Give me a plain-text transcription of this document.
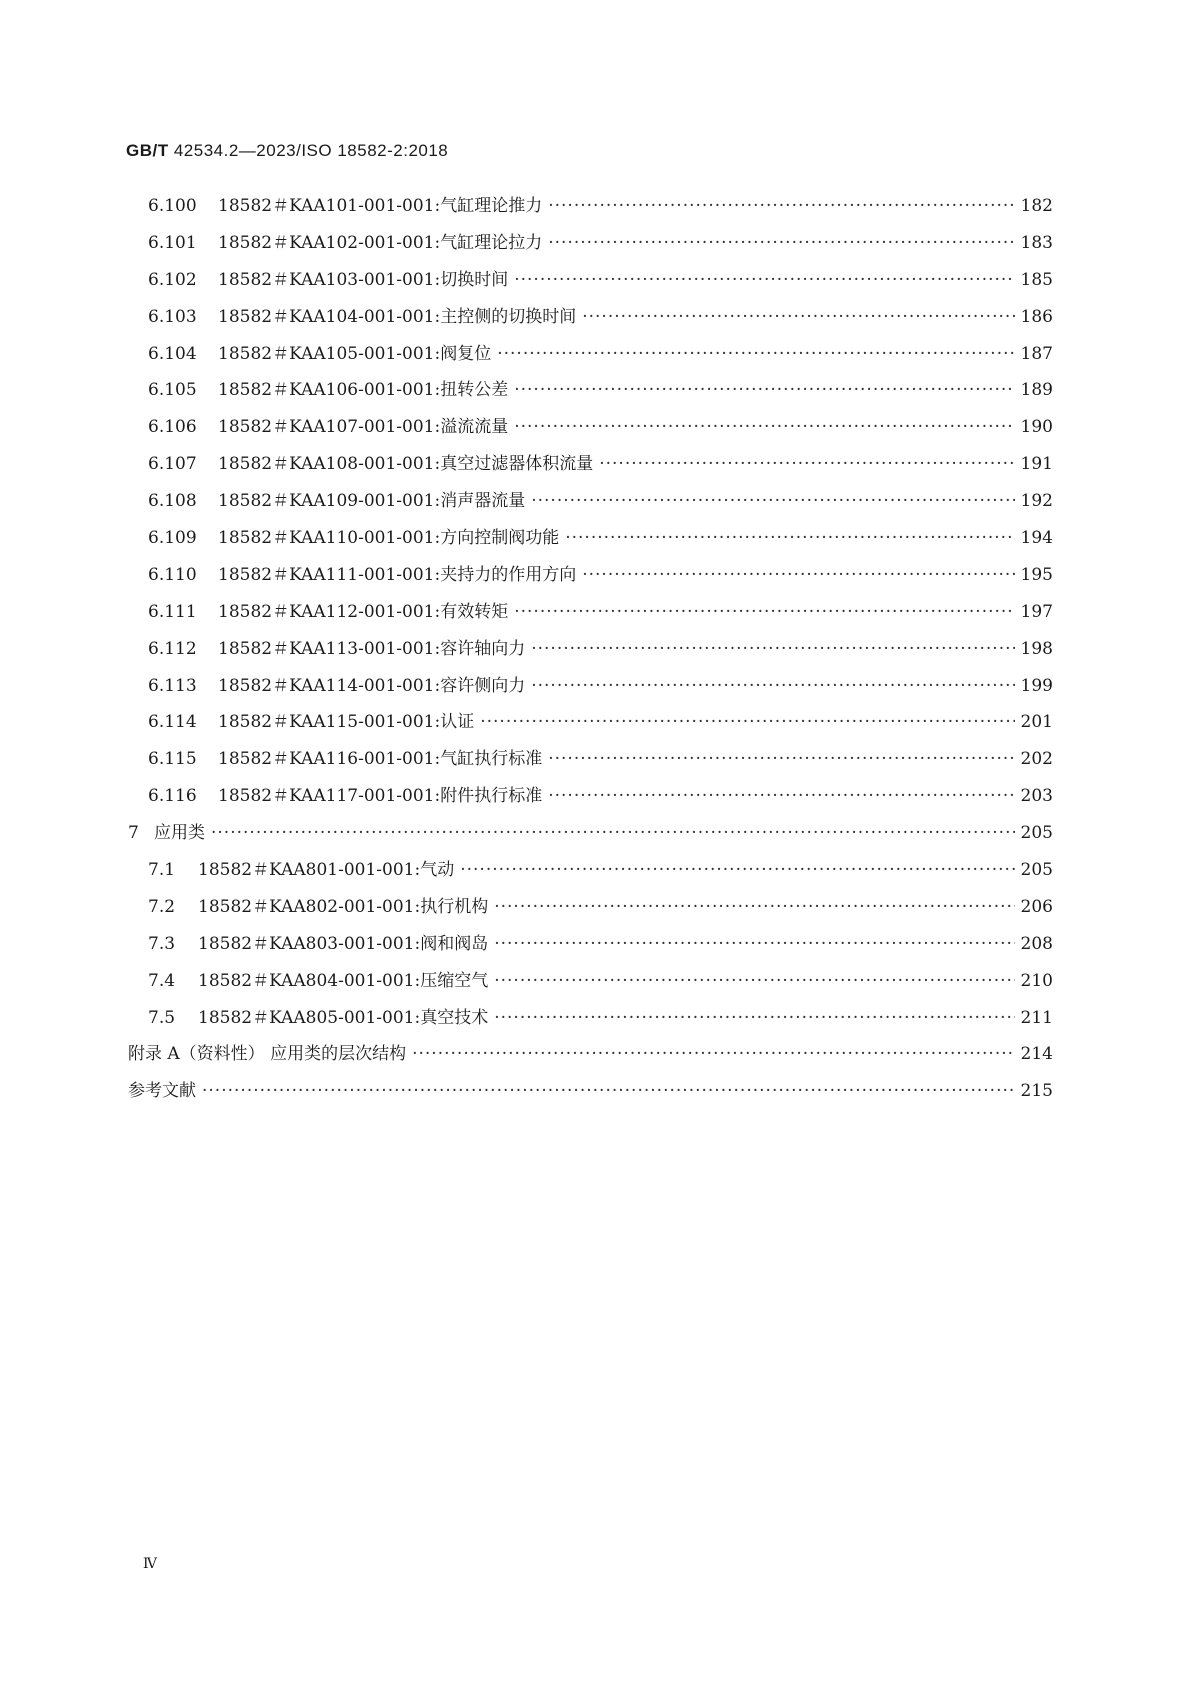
GB/T 42534.2—2023/ISO 18582-2:2018
6.100	18582＃KAA101-001-001:气缸理论推力 ·····	182
6.101	18582＃KAA102-001-001:气缸理论拉力 ·····	183
6.102	18582＃KAA103-001-001:切换时间 ·····	185
6.103	18582＃KAA104-001-001:主控侧的切换时间 ·····	186
6.104	18582＃KAA105-001-001:阀复位 ·····	187
6.105	18582＃KAA106-001-001:扭转公差 ·····	189
6.106	18582＃KAA107-001-001:溢流流量 ·····	190
6.107	18582＃KAA108-001-001:真空过滤器体积流量 ·····	191
6.108	18582＃KAA109-001-001:消声器流量 ·····	192
6.109	18582＃KAA110-001-001:方向控制阀功能 ·····	194
6.110	18582＃KAA111-001-001:夹持力的作用方向 ·····	195
6.111	18582＃KAA112-001-001:有效转矩 ·····	197
6.112	18582＃KAA113-001-001:容许轴向力 ·····	198
6.113	18582＃KAA114-001-001:容许侧向力 ·····	199
6.114	18582＃KAA115-001-001:认证 ·····	201
6.115	18582＃KAA116-001-001:气缸执行标准 ·····	202
6.116	18582＃KAA117-001-001:附件执行标准 ·····	203
7 应用类 ·····	205
7.1	18582＃KAA801-001-001:气动 ·····	205
7.2	18582＃KAA802-001-001:执行机构 ·····	206
7.3	18582＃KAA803-001-001:阀和阀岛 ·····	208
7.4	18582＃KAA804-001-001:压缩空气 ·····	210
7.5	18582＃KAA805-001-001:真空技术 ·····	211
附录 A（资料性） 应用类的层次结构 ·····	214
参考文献 ·····	215
Ⅳ
